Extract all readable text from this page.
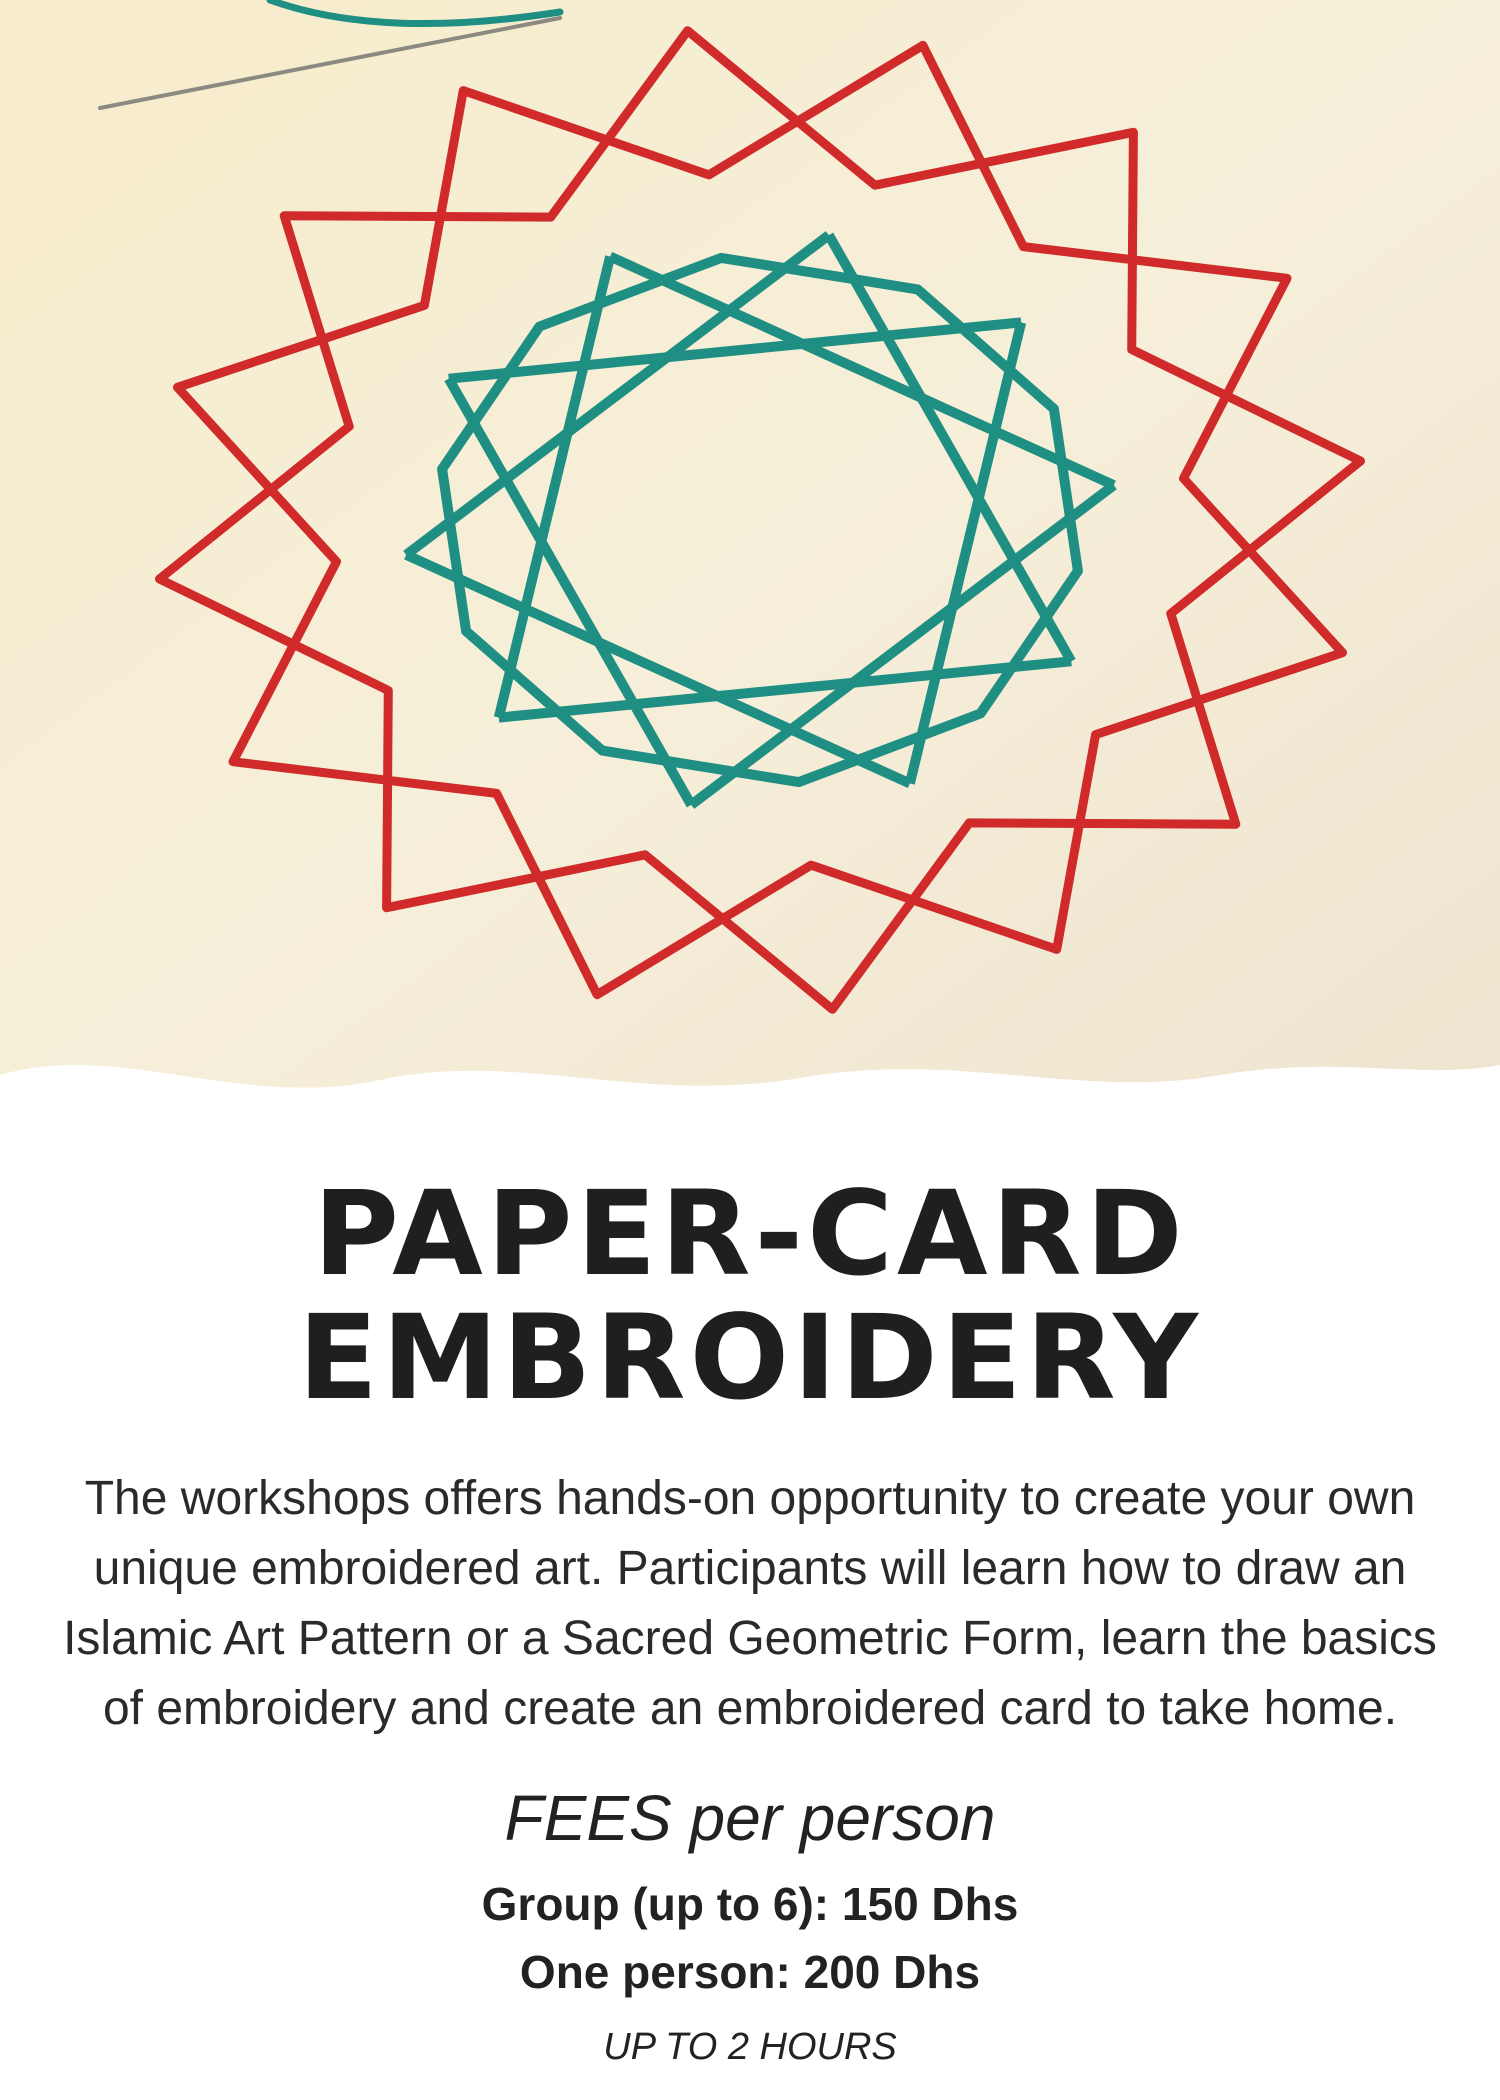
PAPER-CARD
EMBROIDERY
The workshops offers hands-on opportunity to create your own
unique embroidered art. Participants will learn how to draw an
Islamic Art Pattern or a Sacred Geometric Form, learn the basics
of embroidery and create an embroidered card to take home.
FEES per person
Group (up to 6): 150 Dhs
One person: 200 Dhs
UP TO 2 HOURS
